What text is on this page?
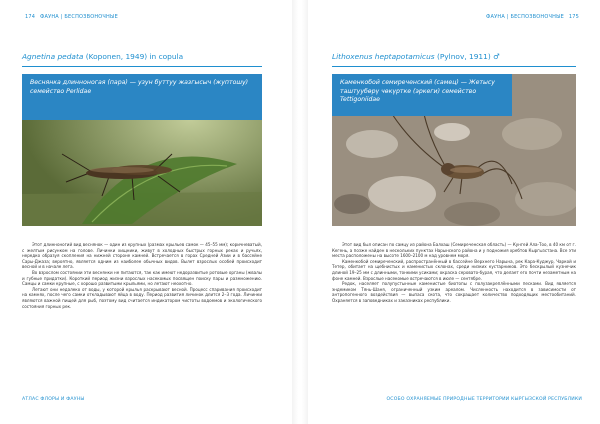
174 ФАУНА | БЕСПОЗВОНОЧНЫЕ
Agnetina pedata (Koponen, 1949) in copula
Веснянка длинноногая (пара) — узун буттуу жазгысыч (жуптошу) семейство Perlidae

Этот длинноногий вид веснянок — один из крупных (размах крыльев самок — 45–55 мм); коричневатый, с желтым рисунком на голове. Личинки хищники, живут в холодных быстрых горных реках и ручьях, нередко образуя скопления на нижней стороне камней. Встречается в горах Средней Азии и в бассейне Сары-Джаза; вероятно, является одним из наиболее обычных видов. Вылет взрослых особей происходит весной и в начале лета.

Во взрослом состоянии эти веснянки не питаются, так как имеют недоразвитые ротовые органы (жвалы и губные придатки). Короткий период жизни взрослых насекомых посвящен поиску пары и размножению. Самцы и самки крупные, с хорошо развитыми крыльями, но летают неохотно.

Летают они недалеко от воды, у которой крылья раскрывают весной. Процесс спаривания происходит на камнях, после чего самки откладывают яйца в воду. Период развития личинок длится 2–3 года. Личинки являются важной пищей для рыб, поэтому вид считается индикатором чистоты водоемов и экологического состояния горных рек.

АТЛАС ФЛОРЫ И ФАУНЫ
ФАУНА | БЕСПОЗВОНОЧНЫЕ 175
Lithoxenus heptapotamicus (Pylnov, 1911) ♂
Каменкобой семиреченский (самец) — Жетысу таштуубөрү чөкүртке (эркеги) семейство Tettigoniidae

Этот вид был описан по самцу из района Балхаш (Семиреченская область) — Кунгей Ала-Тоо, в 40 км от г. Кегень, а позже найден в нескольких пунктах Нарынского района и у подножия хребтов Кыргызстана. Все эти места расположены на высоте 1600–2100 м над уровнем моря.

Каменкобой семиреченский, распространённый в бассейне Верхнего Нарына, рек Кара-Куджур, Чаркой и Тетер, обитает на щебнистых и каменистых склонах, среди низких кустарников. Это бескрылый кузнечик длиной 19–25 мм с длинными, тонкими усиками; окраска серовато-бурая, что делает его почти незаметным на фоне камней. Взрослые насекомые встречаются в июле — сентябре.

Редок, населяет полупустынные каменистые биотопы с полузакреплёнными песками. Вид является эндемиком Тянь-Шаня, ограниченный узким ареалом. Численность находится в зависимости от антропогенного воздействия — выпаса скота, что сокращает количество подходящих местообитаний. Охраняется в заповедниках и заказниках республики.

ОСОБО ОХРАНЯЕМЫЕ ПРИРОДНЫЕ ТЕРРИТОРИИ КЫРГЫЗСКОЙ РЕСПУБЛИКИ
